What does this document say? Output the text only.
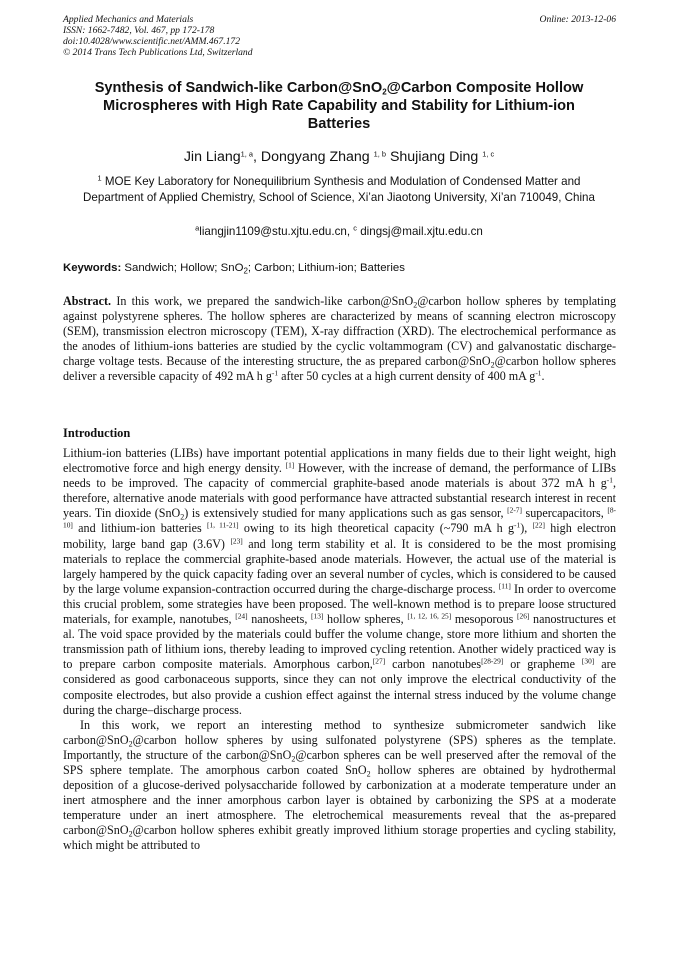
Applied Mechanics and Materials
ISSN: 1662-7482, Vol. 467, pp 172-178
doi:10.4028/www.scientific.net/AMM.467.172
© 2014 Trans Tech Publications Ltd, Switzerland
Online: 2013-12-06
Synthesis of Sandwich-like Carbon@SnO$_2$@Carbon Composite Hollow
Microspheres with High Rate Capability and Stability for Lithium-ion
Batteries
Jin Liang$^{1, a}$, Dongyang Zhang $^{1, b}$ Shujiang Ding $^{1, c}$
$^1$ MOE Key Laboratory for Nonequilibrium Synthesis and Modulation of Condensed Matter and Department of Applied Chemistry, School of Science, Xi’an Jiaotong University, Xi’an 710049, China
$^a$liangjin1109@stu.xjtu.edu.cn, $^c$ dingsj@mail.xjtu.edu.cn
Keywords: Sandwich; Hollow; SnO$_2$; Carbon; Lithium-ion; Batteries

Abstract. In this work, we prepared the sandwich-like carbon@SnO$_2$@carbon hollow spheres by templating against polystyrene spheres. The hollow spheres are characterized by means of scanning electron microscopy (SEM), transmission electron microscopy (TEM), X-ray diffraction (XRD). The electrochemical performance as the anodes of lithium-ions batteries are studied by the cyclic voltammogram (CV) and galvanostatic discharge-charge voltage tests. Because of the interesting structure, the as prepared carbon@SnO$_2$@carbon hollow spheres deliver a reversible capacity of 492 mA h $g^{-1}$ after 50 cycles at a high current density of 400 mA $g^{-1}$.

Introduction

Lithium-ion batteries (LIBs) have important potential applications in many fields due to their light weight, high electromotive force and high energy density. [1] However, with the increase of demand, the performance of LIBs needs to be improved. The capacity of commercial graphite-based anode materials is about 372 mA h $g^{-1}$, therefore, alternative anode materials with good performance have attracted substantial research interest in recent years. Tin dioxide (SnO$_2$) is extensively studied for many applications such as gas sensor, [2-7] supercapacitors, [8-10] and lithium-ion batteries [1, 11-21] owing to its high theoretical capacity (~790 mA h $g^{-1}$), [22] high electron mobility, large band gap (3.6V) [23] and long term stability et al. It is considered to be the most promising materials to replace the commercial graphite-based anode materials. However, the actual use of the material is largely hampered by the quick capacity fading over an several number of cycles, which is considered to be caused by the large volume expansion-contraction occurred during the charge-discharge process. [11] In order to overcome this crucial problem, some strategies have been proposed. The well-known method is to prepare loose structured materials, for example, nanotubes, [24] nanosheets, [13] hollow spheres, [1, 12, 16, 25] mesoporous [26] nanostructures et al. The void space provided by the materials could buffer the volume change, store more lithium and shorten the transmission path of lithium ions, thereby leading to improved cycling retention. Another widely practiced way is to prepare carbon composite materials. Amorphous carbon,[27] carbon nanotubes[28-29] or grapheme [30] are considered as good carbonaceous supports, since they can not only improve the electrical conductivity of the composite electrodes, but also provide a cushion effect against the internal stress induced by the volume change during the charge–discharge process.

In this work, we report an interesting method to synthesize submicrometer sandwich like carbon@SnO$_2$@carbon hollow spheres by using sulfonated polystyrene (SPS) spheres as the template. Importantly, the structure of the carbon@SnO$_2$@carbon spheres can be well preserved after the removal of the SPS sphere template. The amorphous carbon coated SnO$_2$ hollow spheres are obtained by hydrothermal deposition of a glucose-derived polysaccharide followed by carbonization at a moderate temperature under an inert atmosphere and the inner amorphous carbon layer is obtained by carbonizing the SPS at a moderate temperature under an inert atmosphere. The eletrochemical measurements reveal that the as-prepared carbon@SnO$_2$@carbon hollow spheres exhibit greatly improved lithium storage properties and cycling stability, which might be attributed to
